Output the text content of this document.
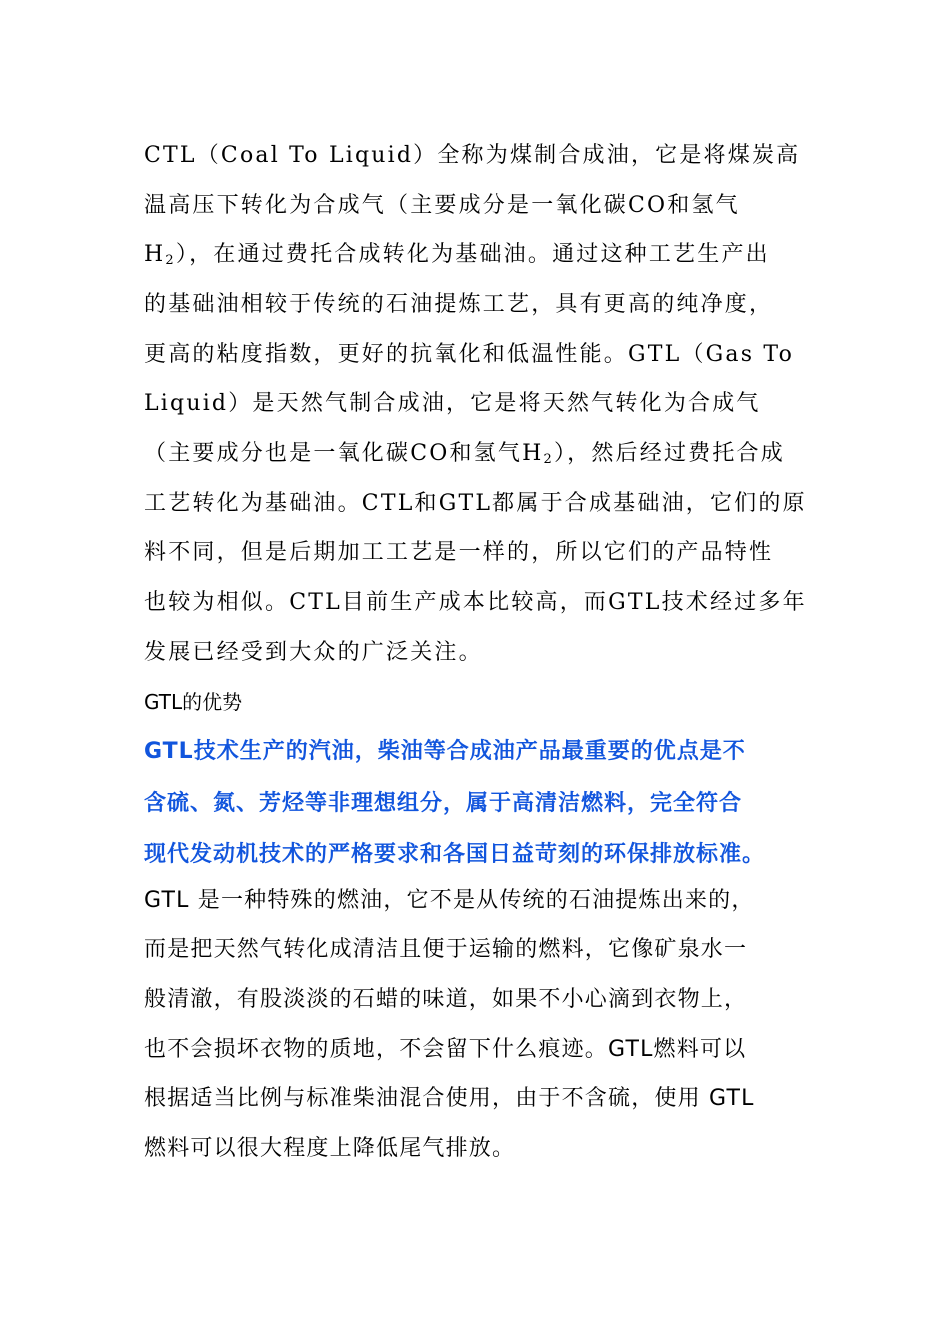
CTL（Coal To Liquid）全称为煤制合成油，它是将煤炭高
温高压下转化为合成气（主要成分是一氧化碳CO和氢气
$H_2$），在通过费托合成转化为基础油。通过这种工艺生产出
的基础油相较于传统的石油提炼工艺，具有更高的纯净度，
更高的粘度指数，更好的抗氧化和低温性能。GTL（Gas To
Liquid）是天然气制合成油，它是将天然气转化为合成气
（主要成分也是一氧化碳CO和氢气$H_2$），然后经过费托合成
工艺转化为基础油。CTL和GTL都属于合成基础油，它们的原
料不同，但是后期加工工艺是一样的，所以它们的产品特性
也较为相似。CTL目前生产成本比较高，而GTL技术经过多年
发展已经受到大众的广泛关注。
GTL的优势
GTL技术生产的汽油，柴油等合成油产品最重要的优点是不
含硫、氮、芳烃等非理想组分，属于高清洁燃料，完全符合
现代发动机技术的严格要求和各国日益苛刻的环保排放标准。
GTL 是一种特殊的燃油，它不是从传统的石油提炼出来的，
而是把天然气转化成清洁且便于运输的燃料，它像矿泉水一
般清澈，有股淡淡的石蜡的味道，如果不小心滴到衣物上，
也不会损坏衣物的质地，不会留下什么痕迹。GTL燃料可以
根据适当比例与标准柴油混合使用，由于不含硫，使用 GTL
燃料可以很大程度上降低尾气排放。
